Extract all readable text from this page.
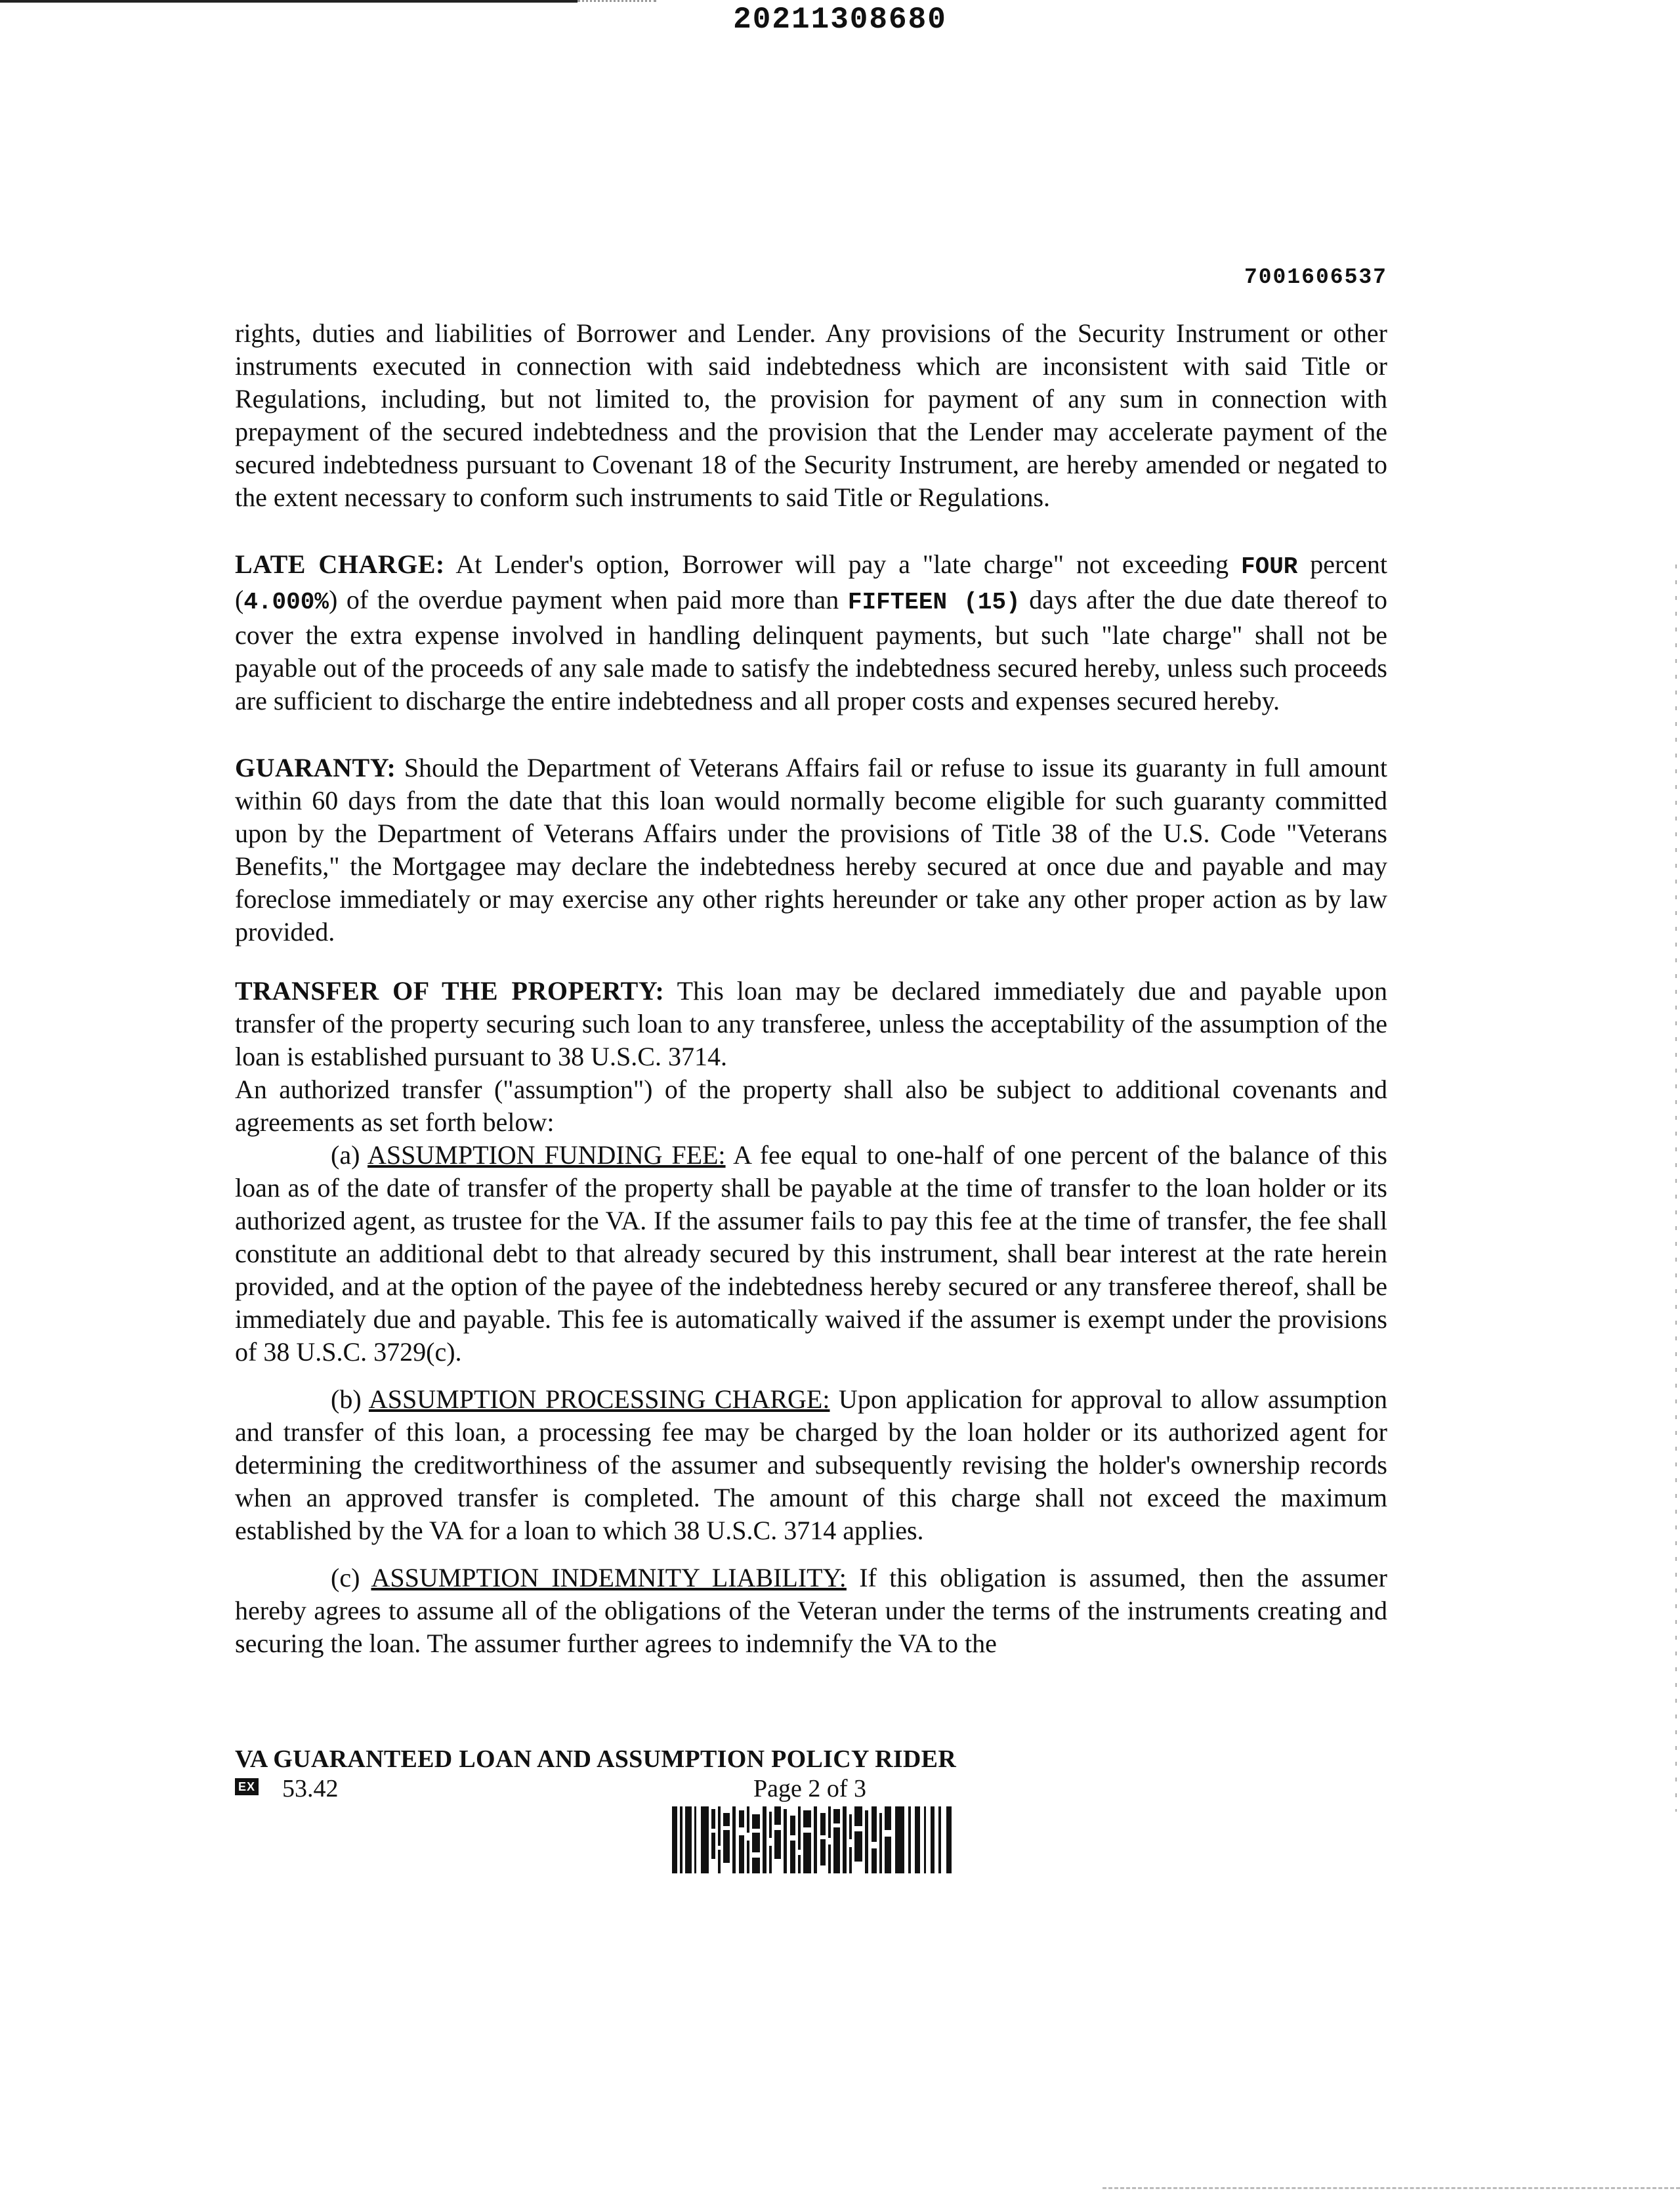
20211308680
7001606537

rights, duties and liabilities of Borrower and Lender. Any provisions of the Security Instrument or other instruments executed in connection with said indebtedness which are inconsistent with said Title or Regulations, including, but not limited to, the provision for payment of any sum in connection with prepayment of the secured indebtedness and the provision that the Lender may accelerate payment of the secured indebtedness pursuant to Covenant 18 of the Security Instrument, are hereby amended or negated to the extent necessary to conform such instruments to said Title or Regulations.

LATE CHARGE: At Lender's option, Borrower will pay a "late charge" not exceeding FOUR percent (4.000%) of the overdue payment when paid more than FIFTEEN (15) days after the due date thereof to cover the extra expense involved in handling delinquent payments, but such "late charge" shall not be payable out of the proceeds of any sale made to satisfy the indebtedness secured hereby, unless such proceeds are sufficient to discharge the entire indebtedness and all proper costs and expenses secured hereby.

GUARANTY: Should the Department of Veterans Affairs fail or refuse to issue its guaranty in full amount within 60 days from the date that this loan would normally become eligible for such guaranty committed upon by the Department of Veterans Affairs under the provisions of Title 38 of the U.S. Code "Veterans Benefits," the Mortgagee may declare the indebtedness hereby secured at once due and payable and may foreclose immediately or may exercise any other rights hereunder or take any other proper action as by law provided.

TRANSFER OF THE PROPERTY: This loan may be declared immediately due and payable upon transfer of the property securing such loan to any transferee, unless the acceptability of the assumption of the loan is established pursuant to 38 U.S.C. 3714.

An authorized transfer ("assumption") of the property shall also be subject to additional covenants and agreements as set forth below:

(a) ASSUMPTION FUNDING FEE: A fee equal to one-half of one percent of the balance of this loan as of the date of transfer of the property shall be payable at the time of transfer to the loan holder or its authorized agent, as trustee for the VA. If the assumer fails to pay this fee at the time of transfer, the fee shall constitute an additional debt to that already secured by this instrument, shall bear interest at the rate herein provided, and at the option of the payee of the indebtedness hereby secured or any transferee thereof, shall be immediately due and payable. This fee is automatically waived if the assumer is exempt under the provisions of 38 U.S.C. 3729(c).

(b) ASSUMPTION PROCESSING CHARGE: Upon application for approval to allow assumption and transfer of this loan, a processing fee may be charged by the loan holder or its authorized agent for determining the creditworthiness of the assumer and subsequently revising the holder's ownership records when an approved transfer is completed. The amount of this charge shall not exceed the maximum established by the VA for a loan to which 38 U.S.C. 3714 applies.

(c) ASSUMPTION INDEMNITY LIABILITY: If this obligation is assumed, then the assumer hereby agrees to assume all of the obligations of the Veteran under the terms of the instruments creating and securing the loan. The assumer further agrees to indemnify the VA to the

VA GUARANTEED LOAN AND ASSUMPTION POLICY RIDER
EX 53.42	Page 2 of 3
